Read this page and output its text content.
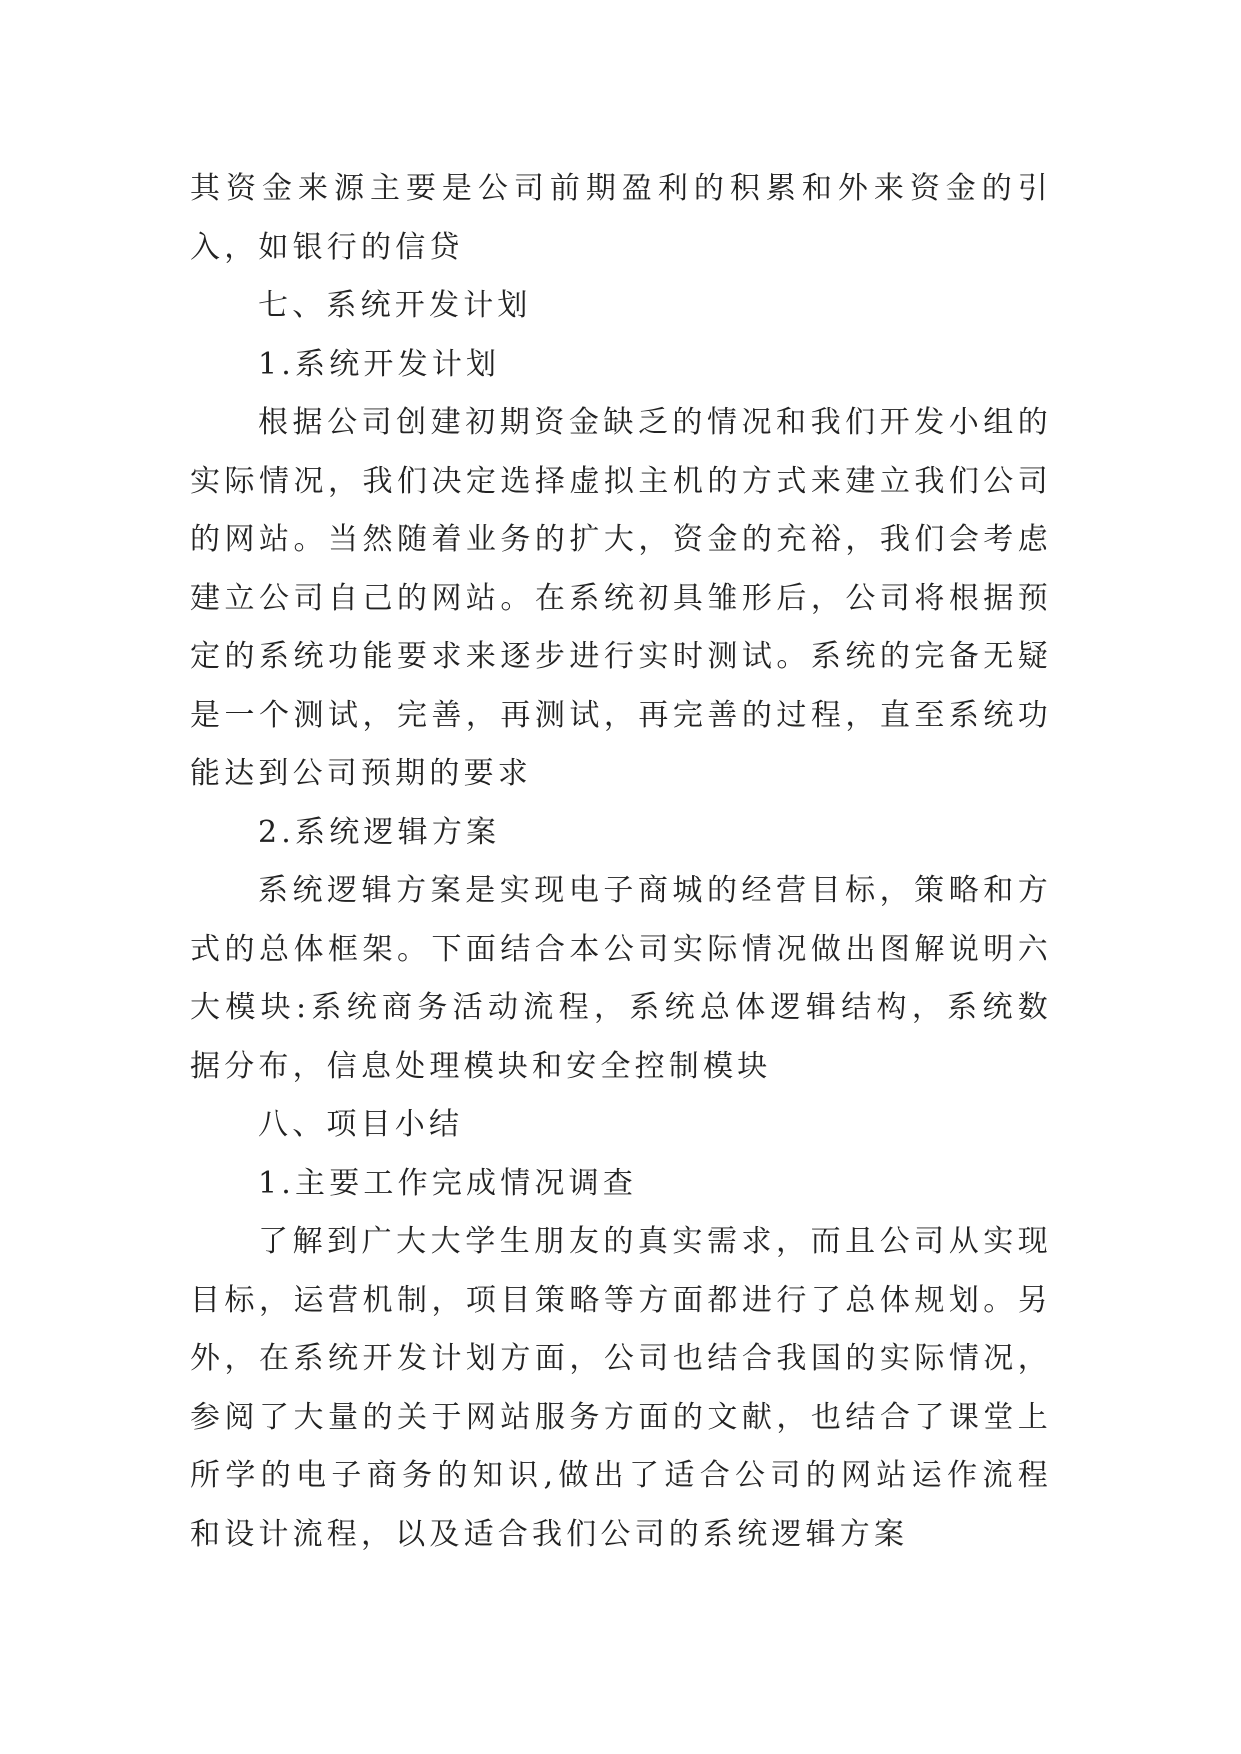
其资金来源主要是公司前期盈利的积累和外来资金的引入，如银行的信贷

七、系统开发计划

1.系统开发计划

根据公司创建初期资金缺乏的情况和我们开发小组的实际情况，我们决定选择虚拟主机的方式来建立我们公司的网站。当然随着业务的扩大，资金的充裕，我们会考虑建立公司自己的网站。在系统初具雏形后，公司将根据预定的系统功能要求来逐步进行实时测试。系统的完备无疑是一个测试，完善，再测试，再完善的过程，直至系统功能达到公司预期的要求

2.系统逻辑方案

系统逻辑方案是实现电子商城的经营目标，策略和方式的总体框架。下面结合本公司实际情况做出图解说明六大模块:系统商务活动流程，系统总体逻辑结构，系统数据分布，信息处理模块和安全控制模块

八、项目小结

1.主要工作完成情况调查

了解到广大大学生朋友的真实需求，而且公司从实现目标，运营机制，项目策略等方面都进行了总体规划。另外，在系统开发计划方面，公司也结合我国的实际情况，参阅了大量的关于网站服务方面的文献，也结合了课堂上所学的电子商务的知识,做出了适合公司的网站运作流程和设计流程，以及适合我们公司的系统逻辑方案
